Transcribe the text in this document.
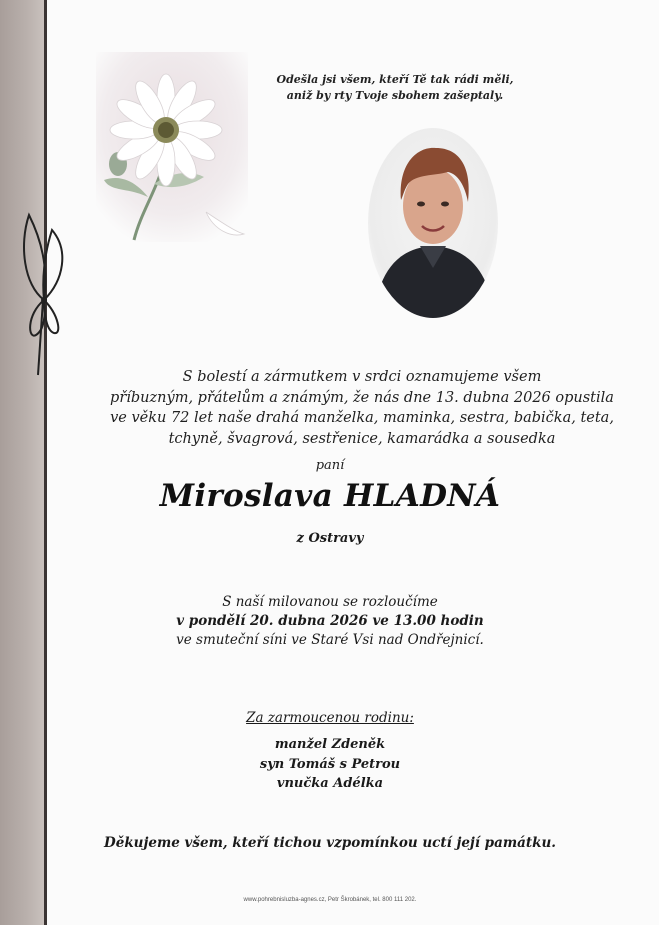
Odešla jsi všem, kteří Tě tak rádi měli,
aniž by rty Tvoje sbohem zašeptaly.
S bolestí a zármutkem v srdci oznamujeme všem
příbuzným, přátelům a známým, že nás dne 13. dubna 2026 opustila
ve věku 72 let naše drahá manželka, maminka, sestra, babička, teta,
tchyně, švagrová, sestřenice, kamarádka a sousedka
paní
Miroslava HLADNÁ
z Ostravy
S naší milovanou se rozloučíme
v pondělí 20. dubna 2026 ve 13.00 hodin
ve smuteční síni ve Staré Vsi nad Ondřejnicí.
Za zarmoucenou rodinu:
manžel Zdeněk
syn Tomáš s Petrou
vnučka Adélka
Děkujeme všem, kteří tichou vzpomínkou uctí její památku.
www.pohrebnisluzba-agnes.cz, Petr Škrobánek, tel. 800 111 202.
